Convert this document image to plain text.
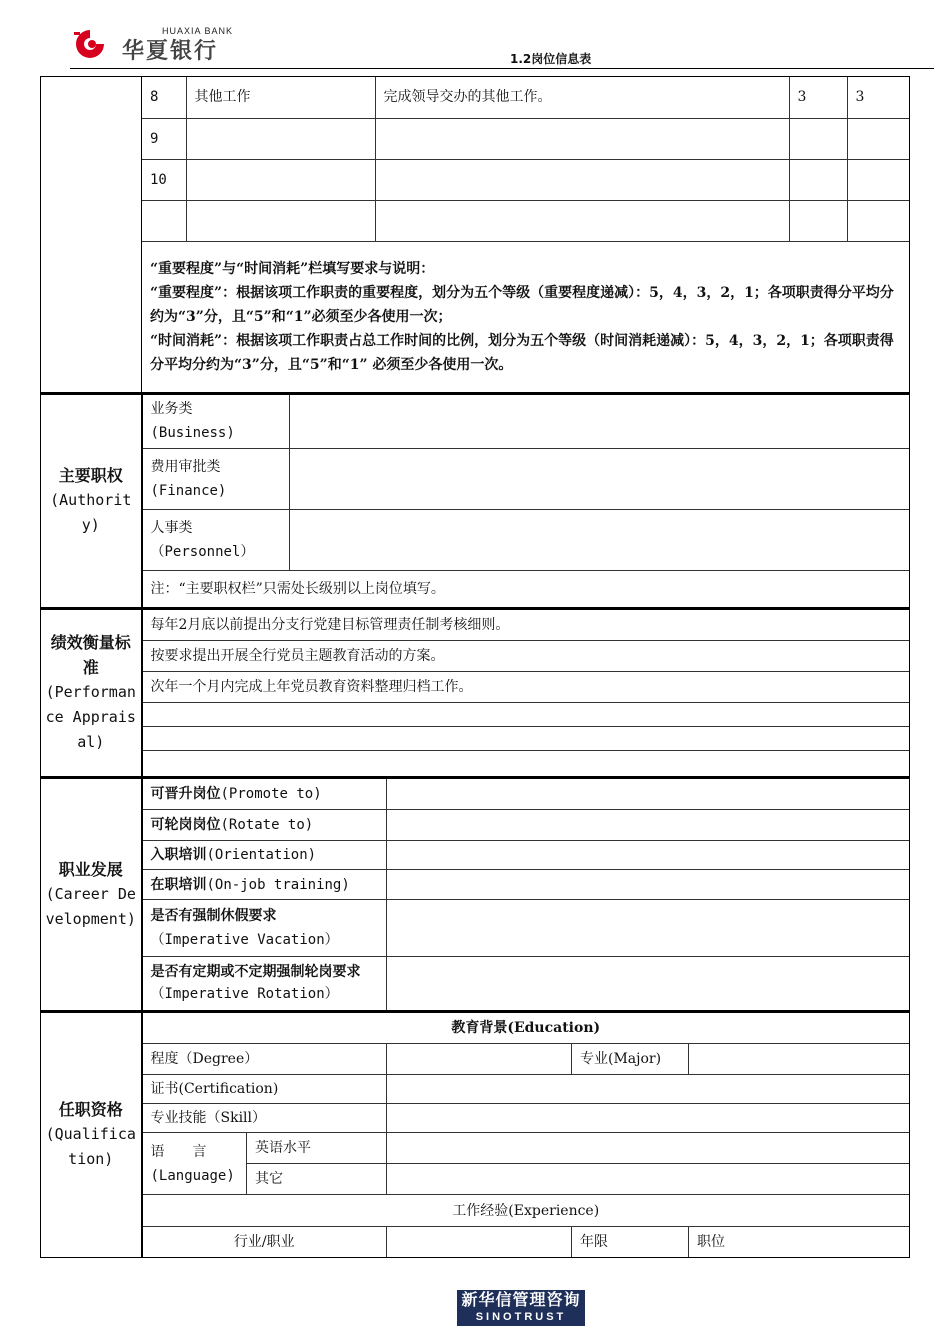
HUAXIA BANK
华夏银行	1.2岗位信息表

8	其他工作	完成领导交办的其他工作。	3	3
9				
10				

“重要程度”与“时间消耗”栏填写要求与说明：
“重要程度”：根据该项工作职责的重要程度，划分为五个等级（重要程度递减）：5，4，3，2，1；各项职责得分平均分约为“3”分，且“5”和“1”必须至少各使用一次；
“时间消耗”：根据该项工作职责占总工作时间的比例，划分为五个等级（时间消耗递减）：5，4，3，2，1；各项职责得分平均分约为“3”分，且“5”和“1” 必须至少各使用一次。

主要职权
(Authority)

业务类
(Business)

费用审批类
(Finance)

人事类
（Personnel）

注：“主要职权栏”只需处长级别以上岗位填写。

绩效衡量标准
(Performance Appraisal)

每年2月底以前提出分支行党建目标管理责任制考核细则。
按要求提出开展全行党员主题教育活动的方案。
次年一个月内完成上年党员教育资料整理归档工作。

职业发展
(Career Development)

可晋升岗位(Promote to)	
可轮岗岗位(Rotate to)	
入职培训(Orientation)	
在职培训(On-job training)	

是否有强制休假要求
（Imperative Vacation）

是否有定期或不定期强制轮岗要求（Imperative Rotation）	

任职资格
(Qualification)

教育背景(Education)
程度（Degree）		专业(Major)	
证书(Certification)	
专业技能（Skill）	

语　　言
(Language)
	英语水平	
其它	
工作经验(Experience)
行业/职业		年限	职位
新华信管理咨询
SINOTRUST
